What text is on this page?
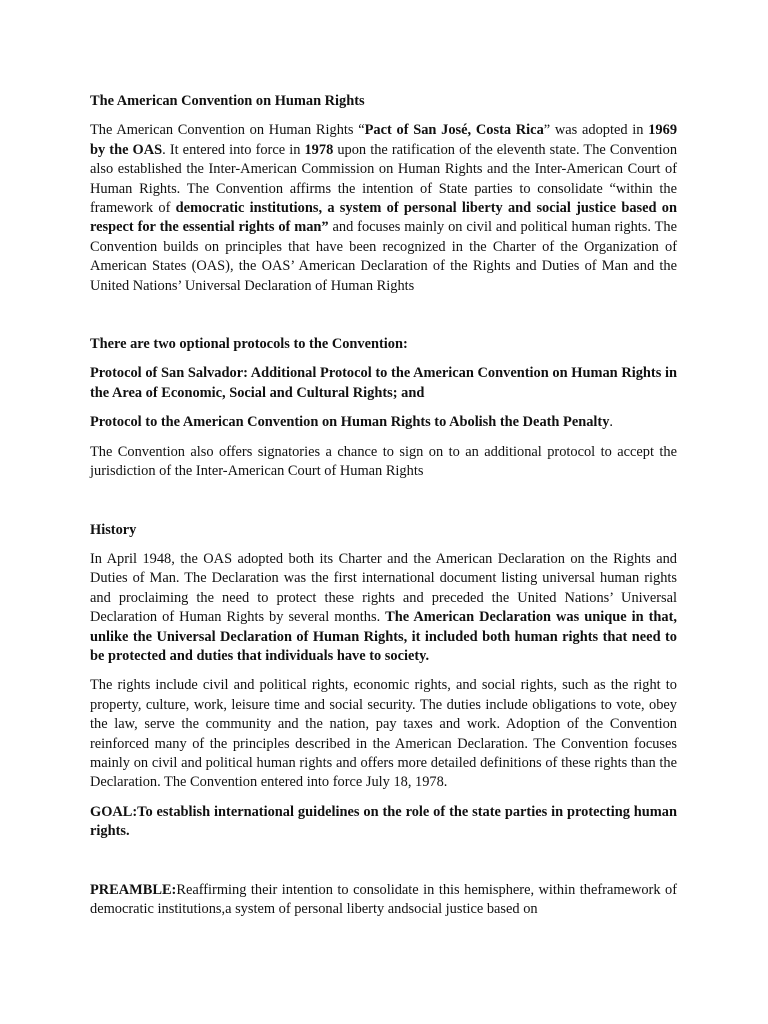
The American Convention on Human Rights

The American Convention on Human Rights “Pact of San José, Costa Rica” was adopted in 1969 by the OAS. It entered into force in 1978 upon the ratification of the eleventh state. The Convention also established the Inter-American Commission on Human Rights and the Inter-American Court of Human Rights. The Convention affirms the intention of State parties to consolidate “within the framework of democratic institutions, a system of personal liberty and social justice based on respect for the essential rights of man” and focuses mainly on civil and political human rights. The Convention builds on principles that have been recognized in the Charter of the Organization of American States (OAS), the OAS’ American Declaration of the Rights and Duties of Man and the United Nations’ Universal Declaration of Human Rights

There are two optional protocols to the Convention:

Protocol of San Salvador: Additional Protocol to the American Convention on Human Rights in the Area of Economic, Social and Cultural Rights; and

Protocol to the American Convention on Human Rights to Abolish the Death Penalty.

The Convention also offers signatories a chance to sign on to an additional protocol to accept the jurisdiction of the Inter-American Court of Human Rights

History

In April 1948, the OAS adopted both its Charter and the American Declaration on the Rights and Duties of Man. The Declaration was the first international document listing universal human rights and proclaiming the need to protect these rights and preceded the United Nations’ Universal Declaration of Human Rights by several months. The American Declaration was unique in that, unlike the Universal Declaration of Human Rights, it included both human rights that need to be protected and duties that individuals have to society.

The rights include civil and political rights, economic rights, and social rights, such as the right to property, culture, work, leisure time and social security. The duties include obligations to vote, obey the law, serve the community and the nation, pay taxes and work. Adoption of the Convention reinforced many of the principles described in the American Declaration. The Convention focuses mainly on civil and political human rights and offers more detailed definitions of these rights than the Declaration. The Convention entered into force July 18, 1978.

GOAL:To establish international guidelines on the role of the state parties in protecting human rights.

PREAMBLE:Reaffirming their intention to consolidate in this hemisphere, within theframework of democratic institutions,a system of personal liberty andsocial justice based on
